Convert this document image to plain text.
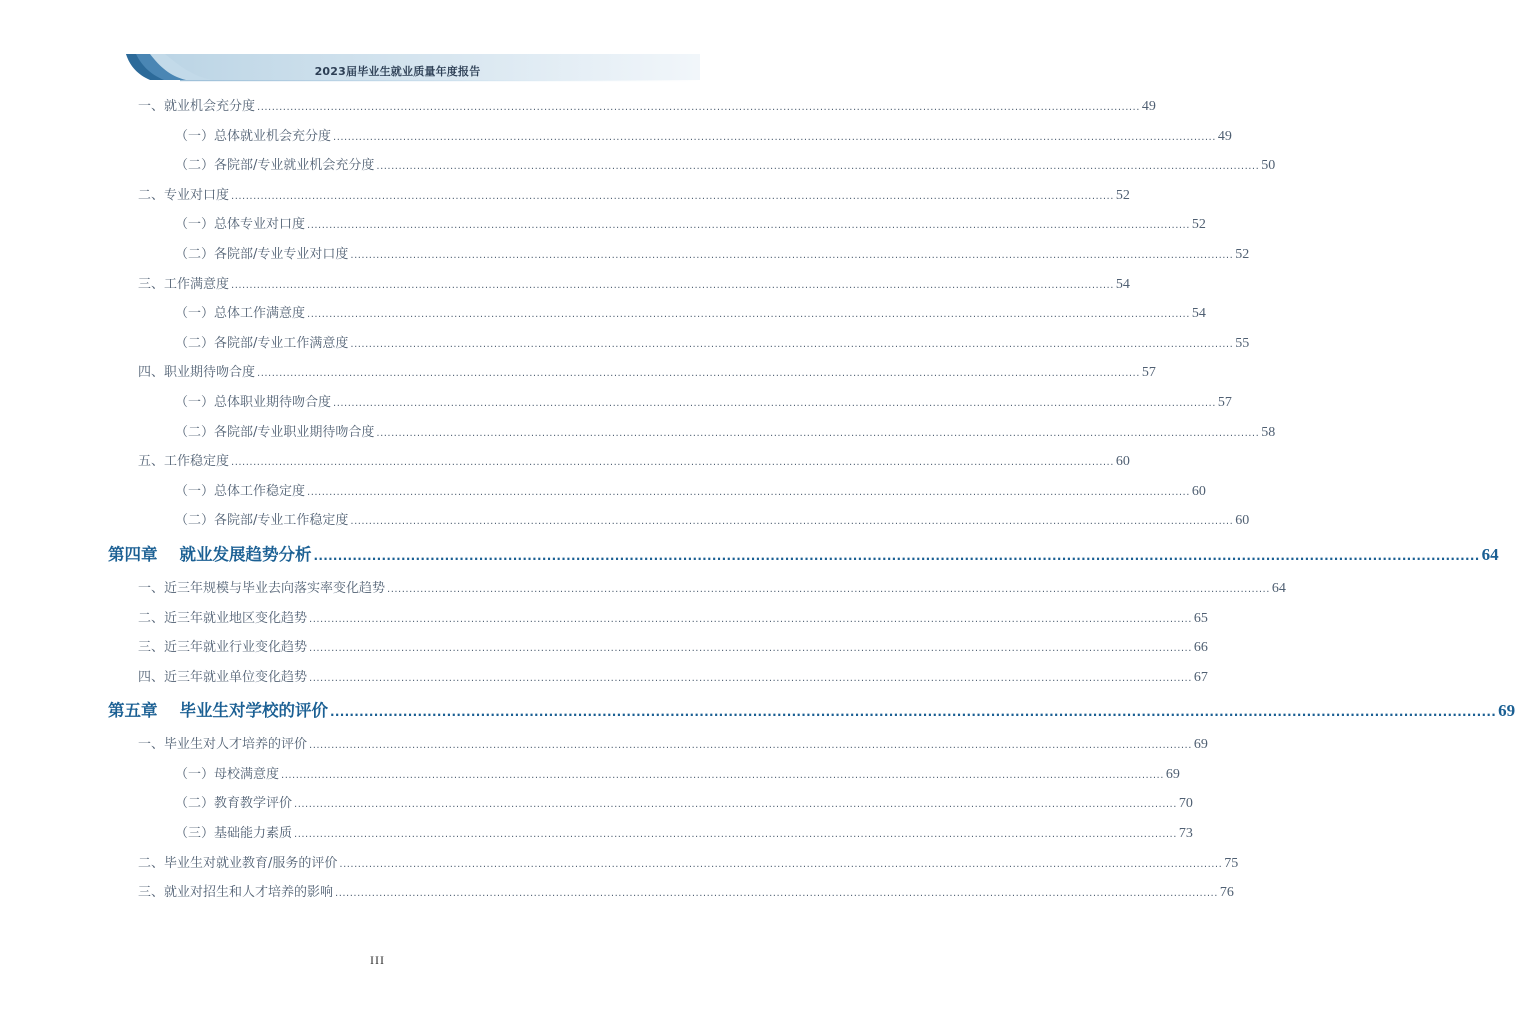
2023届毕业生就业质量年度报告
一、就业机会充分度 ................................................................................................................................................................................................................................................ 49
（一）总体就业机会充分度 ................................................................................................................................................................................................................................................ 49
（二）各院部/专业就业机会充分度 ................................................................................................................................................................................................................................................ 50
二、专业对口度 ................................................................................................................................................................................................................................................ 52
（一）总体专业对口度 ................................................................................................................................................................................................................................................ 52
（二）各院部/专业专业对口度 ................................................................................................................................................................................................................................................ 52
三、工作满意度 ................................................................................................................................................................................................................................................ 54
（一）总体工作满意度 ................................................................................................................................................................................................................................................ 54
（二）各院部/专业工作满意度 ................................................................................................................................................................................................................................................ 55
四、职业期待吻合度 ................................................................................................................................................................................................................................................ 57
（一）总体职业期待吻合度 ................................................................................................................................................................................................................................................ 57
（二）各院部/专业职业期待吻合度 ................................................................................................................................................................................................................................................ 58
五、工作稳定度 ................................................................................................................................................................................................................................................ 60
（一）总体工作稳定度 ................................................................................................................................................................................................................................................ 60
（二）各院部/专业工作稳定度 ................................................................................................................................................................................................................................................ 60
第四章 就业发展趋势分析 ................................................................................................................................................................................................................................................ 64
一、近三年规模与毕业去向落实率变化趋势 ................................................................................................................................................................................................................................................ 64
二、近三年就业地区变化趋势 ................................................................................................................................................................................................................................................ 65
三、近三年就业行业变化趋势 ................................................................................................................................................................................................................................................ 66
四、近三年就业单位变化趋势 ................................................................................................................................................................................................................................................ 67
第五章 毕业生对学校的评价 ................................................................................................................................................................................................................................................ 69
一、毕业生对人才培养的评价 ................................................................................................................................................................................................................................................ 69
（一）母校满意度 ................................................................................................................................................................................................................................................ 69
（二）教育教学评价 ................................................................................................................................................................................................................................................ 70
（三）基础能力素质 ................................................................................................................................................................................................................................................ 73
二、毕业生对就业教育/服务的评价 ................................................................................................................................................................................................................................................ 75
三、就业对招生和人才培养的影响 ................................................................................................................................................................................................................................................ 76
III
